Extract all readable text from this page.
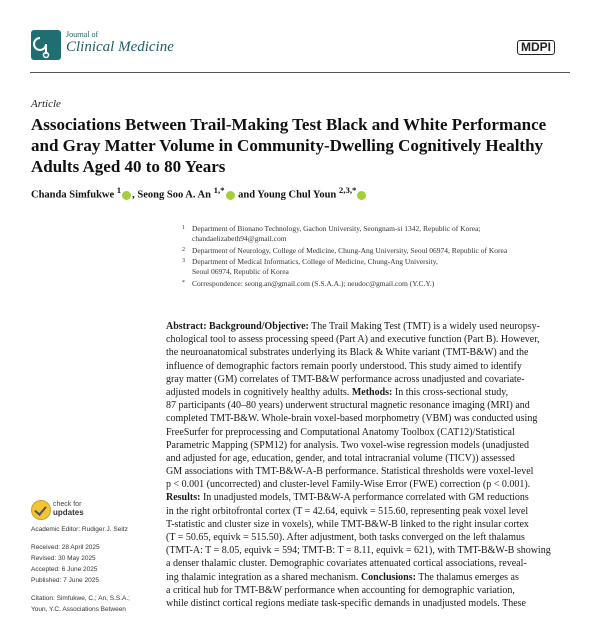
Journal of
Clinical Medicine	MDPI
Article
Associations Between Trail-Making Test Black and White Performance and Gray Matter Volume in Community-Dwelling Cognitively Healthy Adults Aged 40 to 80 Years
Chanda Simfukwe $^1$ , Seong Soo A. An $^{1,*}$ and Young Chul Youn $^{2,3,*}$
1 Department of Bionano Technology, Gachon University, Seongnam-si 1342, Republic of Korea;
chandaelizabeth94@gmail.com
2 Department of Neurology, College of Medicine, Chung-Ang University, Seoul 06974, Republic of Korea
3 Department of Medical Informatics, College of Medicine, Chung-Ang University,
Seoul 06974, Republic of Korea
* Correspondence: seong.an@gmail.com (S.S.A.A.); neudoc@gmail.com (Y.C.Y.)
Abstract: Background/Objective: The Trail Making Test (TMT) is a widely used neuropsy-
chological tool to assess processing speed (Part A) and executive function (Part B). However,
the neuroanatomical substrates underlying its Black & White variant (TMT-B&W) and the
influence of demographic factors remain poorly understood. This study aimed to identify
gray matter (GM) correlates of TMT-B&W performance across unadjusted and covariate-
adjusted models in cognitively healthy adults. Methods: In this cross-sectional study,
87 participants (40–80 years) underwent structural magnetic resonance imaging (MRI) and
completed TMT-B&W. Whole-brain voxel-based morphometry (VBM) was conducted using
FreeSurfer for preprocessing and Computational Anatomy Toolbox (CAT12)/Statistical
Parametric Mapping (SPM12) for analysis. Two voxel-wise regression models (unadjusted
and adjusted for age, education, gender, and total intracranial volume (TICV)) assessed
GM associations with TMT-B&W-A-B performance. Statistical thresholds were voxel-level
p < 0.001 (uncorrected) and cluster-level Family-Wise Error (FWE) correction (p < 0.001).
Results: In unadjusted models, TMT-B&W-A performance correlated with GM reductions
in the right orbitofrontal cortex (T = 42.64, equivk = 515.60, representing peak voxel level
T-statistic and cluster size in voxels), while TMT-B&W-B linked to the right insular cortex
(T = 50.65, equivk = 515.50). After adjustment, both tasks converged on the left thalamus
(TMT-A: T = 8.05, equivk = 594; TMT-B: T = 8.11, equivk = 621), with TMT-B&W-B showing
a denser thalamic cluster. Demographic covariates attenuated cortical associations, reveal-
ing thalamic integration as a shared mechanism. Conclusions: The thalamus emerges as
a critical hub for TMT-B&W performance when accounting for demographic variation,
while distinct cortical regions mediate task-specific demands in unadjusted models. These
check for
updates
Academic Editor: Rudiger J. Seitz
Received: 28 April 2025
Revised: 30 May 2025
Accepted: 6 June 2025
Published: 7 June 2025
Citation: Simfukwe, C.; An, S.S.A.;
Youn, Y.C. Associations Between
